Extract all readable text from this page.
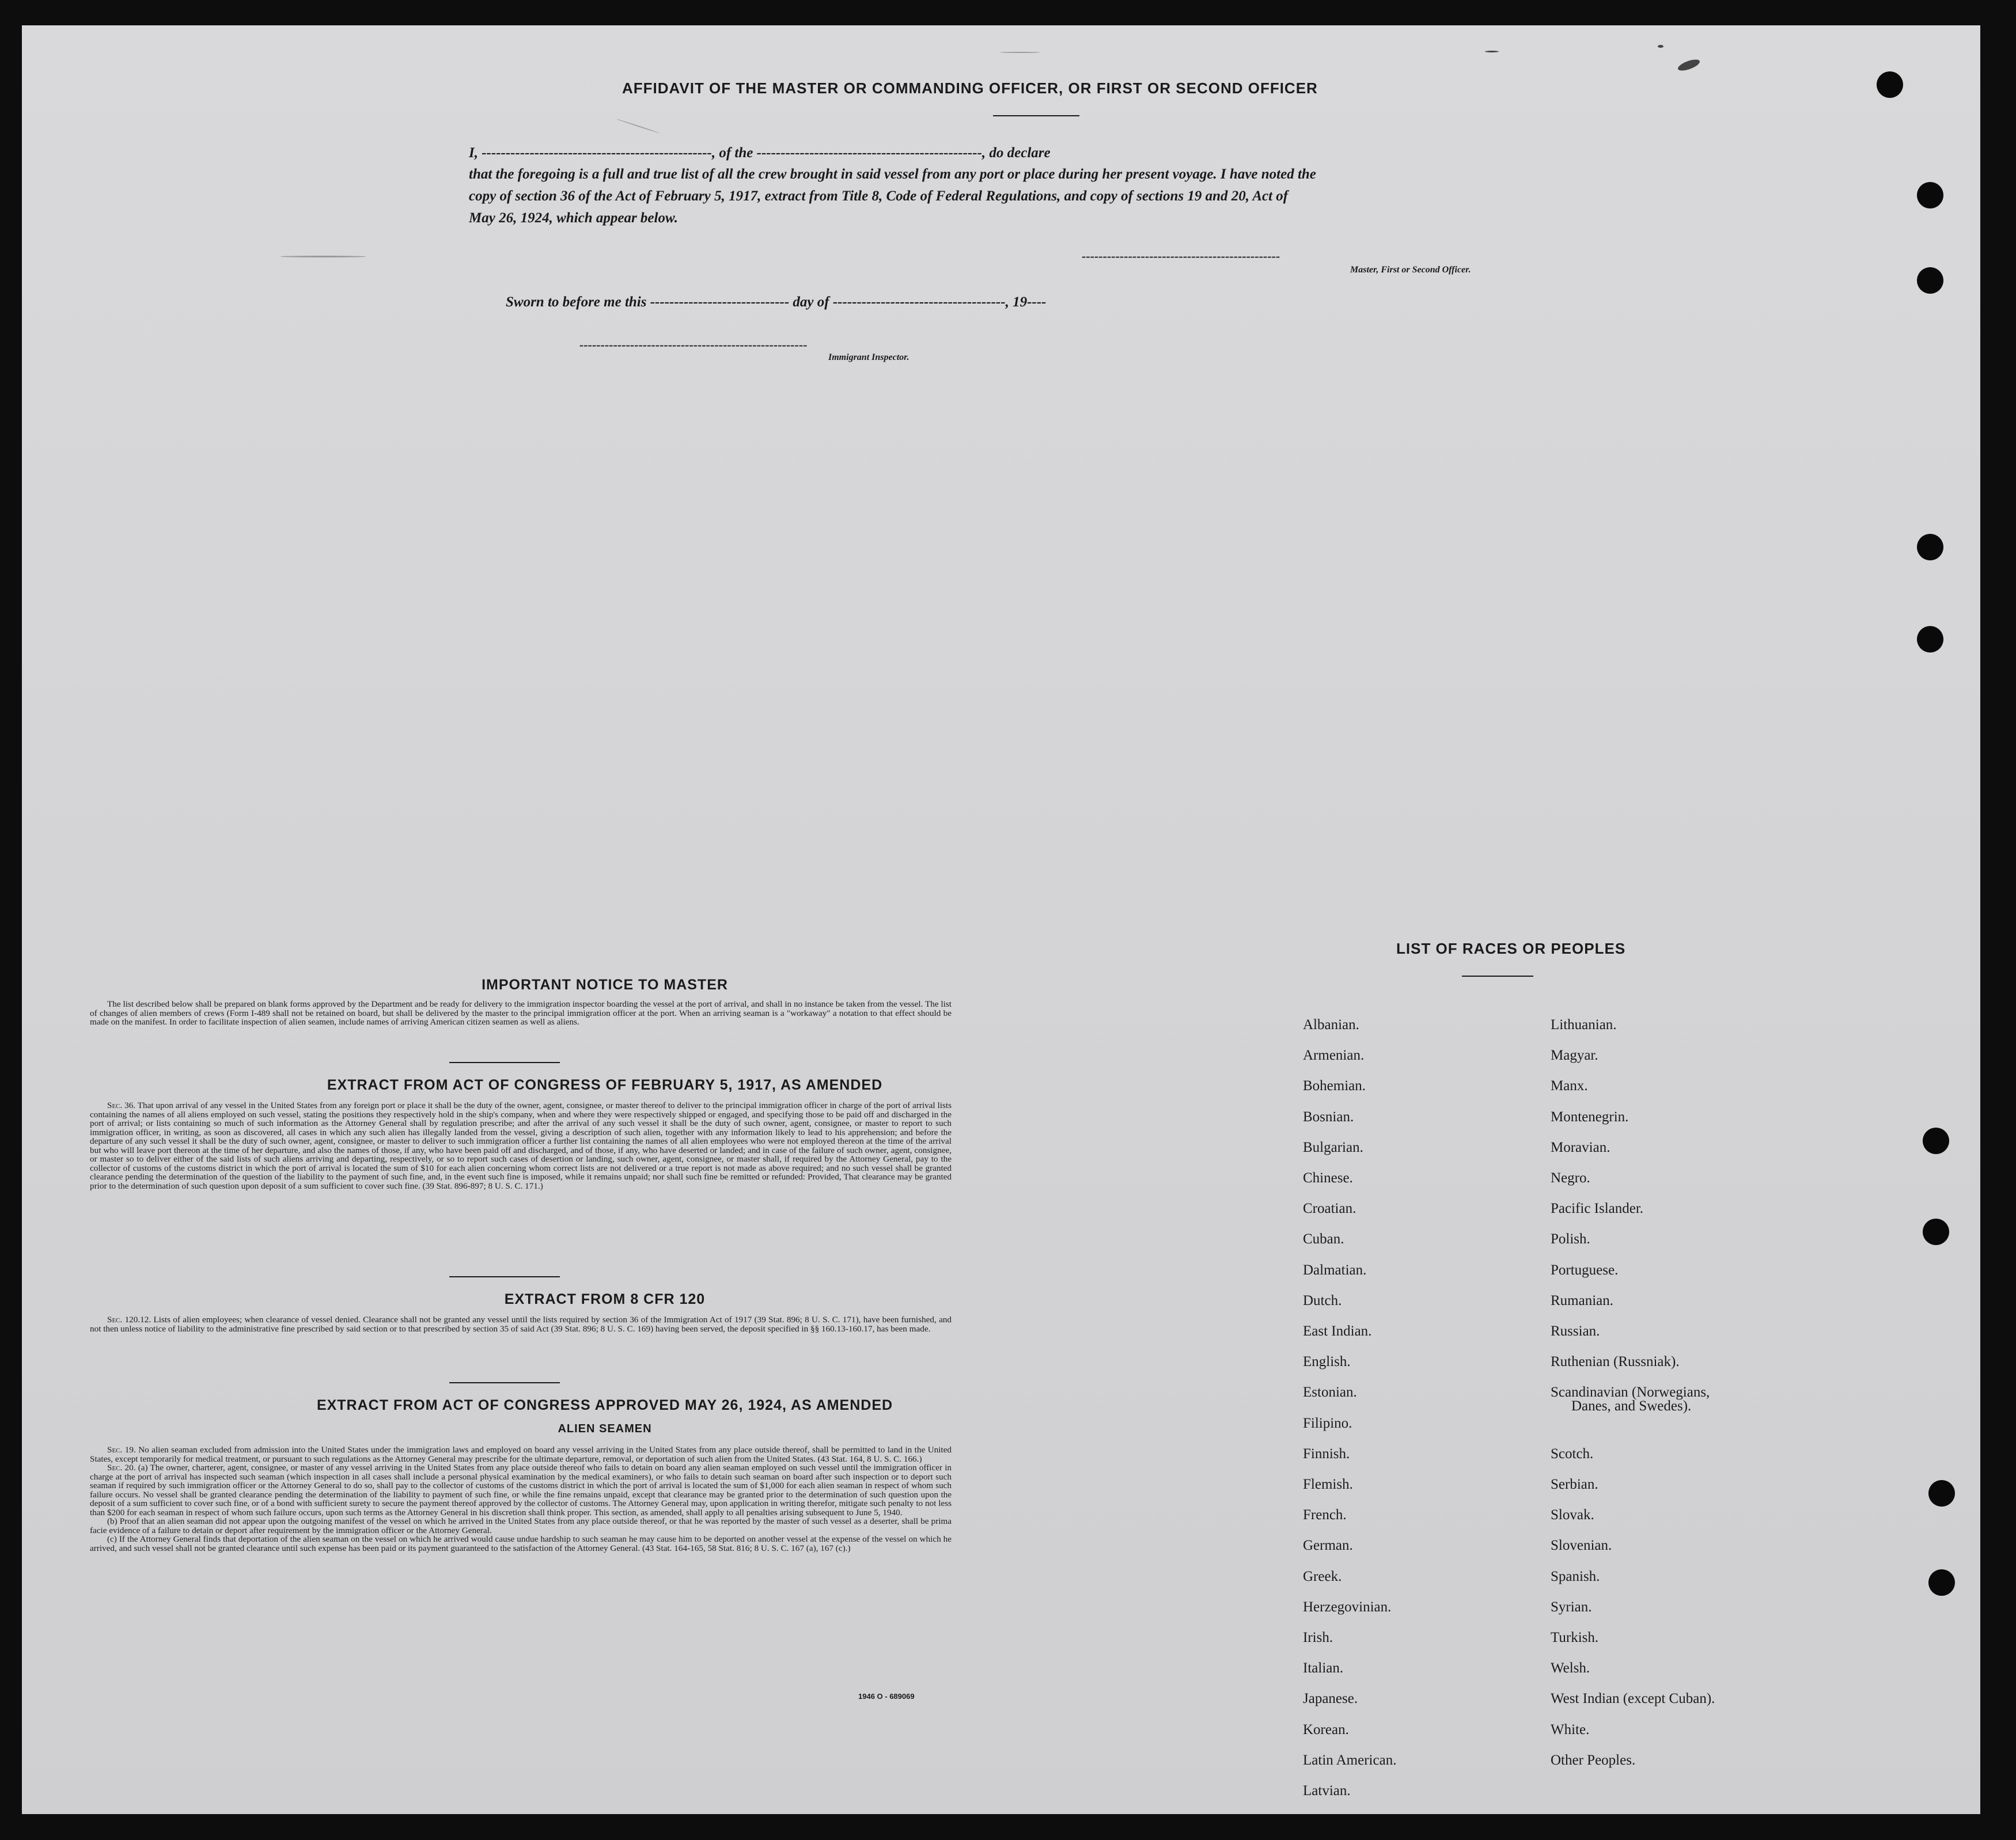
AFFIDAVIT OF THE MASTER OR COMMANDING OFFICER, OR FIRST OR SECOND OFFICER
I, ------------------------------------------------, of the -----------------------------------------------, do declare
that the foregoing is a full and true list of all the crew brought in said vessel from any port or place during her present voyage. I have noted the
copy of section 36 of the Act of February 5, 1917, extract from Title 8, Code of Federal Regulations, and copy of sections 19 and 20, Act of
May 26, 1924, which appear below.
-----------------------------------------------
Master, First or Second Officer.
Sworn to before me this ----------------------------- day of ------------------------------------, 19----
------------------------------------------------------
Immigrant Inspector.
IMPORTANT NOTICE TO MASTER

The list described below shall be prepared on blank forms approved by the Department and be ready for delivery to the immigration inspector boarding the vessel at the port of arrival, and shall in no instance be taken from the vessel. The list of changes of alien members of crews (Form I-489 shall not be retained on board, but shall be delivered by the master to the principal immigration officer at the port. When an arriving seaman is a "workaway" a notation to that effect should be made on the manifest. In order to facilitate inspection of alien seamen, include names of arriving American citizen seamen as well as aliens.

EXTRACT FROM ACT OF CONGRESS OF FEBRUARY 5, 1917, AS AMENDED

Sec. 36. That upon arrival of any vessel in the United States from any foreign port or place it shall be the duty of the owner, agent, consignee, or master thereof to deliver to the principal immigration officer in charge of the port of arrival lists containing the names of all aliens employed on such vessel, stating the positions they respectively hold in the ship's company, when and where they were respectively shipped or engaged, and specifying those to be paid off and discharged in the port of arrival; or lists containing so much of such information as the Attorney General shall by regulation prescribe; and after the arrival of any such vessel it shall be the duty of such owner, agent, consignee, or master to report to such immigration officer, in writing, as soon as discovered, all cases in which any such alien has illegally landed from the vessel, giving a description of such alien, together with any information likely to lead to his apprehension; and before the departure of any such vessel it shall be the duty of such owner, agent, consignee, or master to deliver to such immigration officer a further list containing the names of all alien employees who were not employed thereon at the time of the arrival but who will leave port thereon at the time of her departure, and also the names of those, if any, who have been paid off and discharged, and of those, if any, who have deserted or landed; and in case of the failure of such owner, agent, consignee, or master so to deliver either of the said lists of such aliens arriving and departing, respectively, or so to report such cases of desertion or landing, such owner, agent, consignee, or master shall, if required by the Attorney General, pay to the collector of customs of the customs district in which the port of arrival is located the sum of $10 for each alien concerning whom correct lists are not delivered or a true report is not made as above required; and no such vessel shall be granted clearance pending the determination of the question of the liability to the payment of such fine, and, in the event such fine is imposed, while it remains unpaid; nor shall such fine be remitted or refunded: Provided, That clearance may be granted prior to the determination of such question upon deposit of a sum sufficient to cover such fine. (39 Stat. 896-897; 8 U. S. C. 171.)

EXTRACT FROM 8 CFR 120

Sec. 120.12. Lists of alien employees; when clearance of vessel denied. Clearance shall not be granted any vessel until the lists required by section 36 of the Immigration Act of 1917 (39 Stat. 896; 8 U. S. C. 171), have been furnished, and not then unless notice of liability to the administrative fine prescribed by said section or to that prescribed by section 35 of said Act (39 Stat. 896; 8 U. S. C. 169) having been served, the deposit specified in §§ 160.13-160.17, has been made.

EXTRACT FROM ACT OF CONGRESS APPROVED MAY 26, 1924, AS AMENDED
ALIEN SEAMEN

Sec. 19. No alien seaman excluded from admission into the United States under the immigration laws and employed on board any vessel arriving in the United States from any place outside thereof, shall be permitted to land in the United States, except temporarily for medical treatment, or pursuant to such regulations as the Attorney General may prescribe for the ultimate departure, removal, or deportation of such alien from the United States. (43 Stat. 164, 8 U. S. C. 166.)

Sec. 20. (a) The owner, charterer, agent, consignee, or master of any vessel arriving in the United States from any place outside thereof who fails to detain on board any alien seaman employed on such vessel until the immigration officer in charge at the port of arrival has inspected such seaman (which inspection in all cases shall include a personal physical examination by the medical examiners), or who fails to detain such seaman on board after such inspection or to deport such seaman if required by such immigration officer or the Attorney General to do so, shall pay to the collector of customs of the customs district in which the port of arrival is located the sum of $1,000 for each alien seaman in respect of whom such failure occurs. No vessel shall be granted clearance pending the determination of the liability to payment of such fine, or while the fine remains unpaid, except that clearance may be granted prior to the determination of such question upon the deposit of a sum sufficient to cover such fine, or of a bond with sufficient surety to secure the payment thereof approved by the collector of customs. The Attorney General may, upon application in writing therefor, mitigate such penalty to not less than $200 for each seaman in respect of whom such failure occurs, upon such terms as the Attorney General in his discretion shall think proper. This section, as amended, shall apply to all penalties arising subsequent to June 5, 1940.

(b) Proof that an alien seaman did not appear upon the outgoing manifest of the vessel on which he arrived in the United States from any place outside thereof, or that he was reported by the master of such vessel as a deserter, shall be prima facie evidence of a failure to detain or deport after requirement by the immigration officer or the Attorney General.

(c) If the Attorney General finds that deportation of the alien seaman on the vessel on which he arrived would cause undue hardship to such seaman he may cause him to be deported on another vessel at the expense of the vessel on which he arrived, and such vessel shall not be granted clearance until such expense has been paid or its payment guaranteed to the satisfaction of the Attorney General. (43 Stat. 164-165, 58 Stat. 816; 8 U. S. C. 167 (a), 167 (c).)

1946 O - 689069
LIST OF RACES OR PEOPLES
Albanian.
Armenian.
Bohemian.
Bosnian.
Bulgarian.
Chinese.
Croatian.
Cuban.
Dalmatian.
Dutch.
East Indian.
English.
Estonian.
Filipino.
Finnish.
Flemish.
French.
German.
Greek.
Herzegovinian.
Irish.
Italian.
Japanese.
Korean.
Latin American.
Latvian.
Lithuanian.
Magyar.
Manx.
Montenegrin.
Moravian.
Negro.
Pacific Islander.
Polish.
Portuguese.
Rumanian.
Russian.
Ruthenian (Russniak).
Scandinavian (Norwegians,
Danes, and Swedes).
Scotch.
Serbian.
Slovak.
Slovenian.
Spanish.
Syrian.
Turkish.
Welsh.
West Indian (except Cuban).
White.
Other Peoples.
